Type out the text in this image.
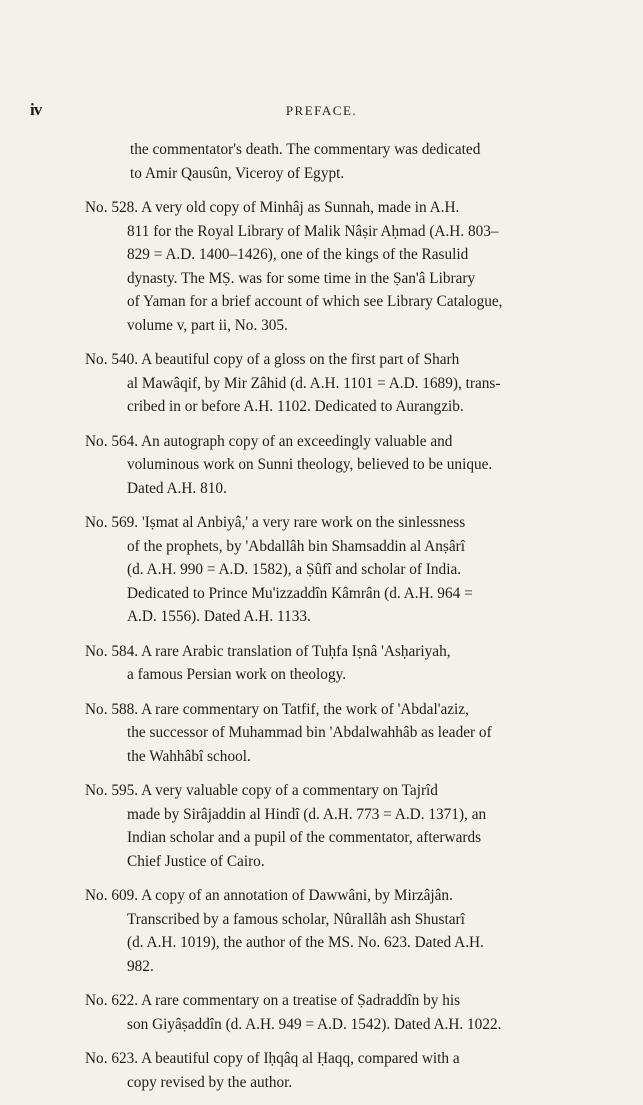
iv	PREFACE.
the commentator's death. The commentary was dedicated
to Amir Qausûn, Viceroy of Egypt.
No. 528. A very old copy of Minhâj as Sunnah, made in A.H.
811 for the Royal Library of Malik Nâṣir Aḥmad (A.H. 803–
829 = A.D. 1400–1426), one of the kings of the Rasulid
dynasty. The MṢ. was for some time in the Ṣan'â Library
of Yaman for a brief account of which see Library Catalogue,
volume v, part ii, No. 305.
No. 540. A beautiful copy of a gloss on the first part of Sharh
al Mawâqif, by Mir Zâhid (d. A.H. 1101 = A.D. 1689), trans-
cribed in or before A.H. 1102. Dedicated to Aurangzib.
No. 564. An autograph copy of an exceedingly valuable and
voluminous work on Sunni theology, believed to be unique.
Dated A.H. 810.
No. 569. 'Iṣmat al Anbiyâ,' a very rare work on the sinlessness
of the prophets, by 'Abdallâh bin Shamsaddin al Anṣârî
(d. A.H. 990 = A.D. 1582), a Ṣûfî and scholar of India.
Dedicated to Prince Mu'izzaddîn Kâmrân (d. A.H. 964 =
A.D. 1556). Dated A.H. 1133.
No. 584. A rare Arabic translation of Tuḥfa Iṣnâ 'Asḥariyah,
a famous Persian work on theology.
No. 588. A rare commentary on Tatfif, the work of 'Abdal'aziz,
the successor of Muhammad bin 'Abdalwahhâb as leader of
the Wahhâbî school.
No. 595. A very valuable copy of a commentary on Tajrîd
made by Sirâjaddin al Hindî (d. A.H. 773 = A.D. 1371), an
Indian scholar and a pupil of the commentator, afterwards
Chief Justice of Cairo.
No. 609. A copy of an annotation of Dawwâni, by Mirzâjân.
Transcribed by a famous scholar, Nûrallâh ash Shustarî
(d. A.H. 1019), the author of the MS. No. 623. Dated A.H.
982.
No. 622. A rare commentary on a treatise of Ṣadraddîn by his
son Giyâṣaddîn (d. A.H. 949 = A.D. 1542). Dated A.H. 1022.
No. 623. A beautiful copy of Iḥqâq al Ḥaqq, compared with a
copy revised by the author.
